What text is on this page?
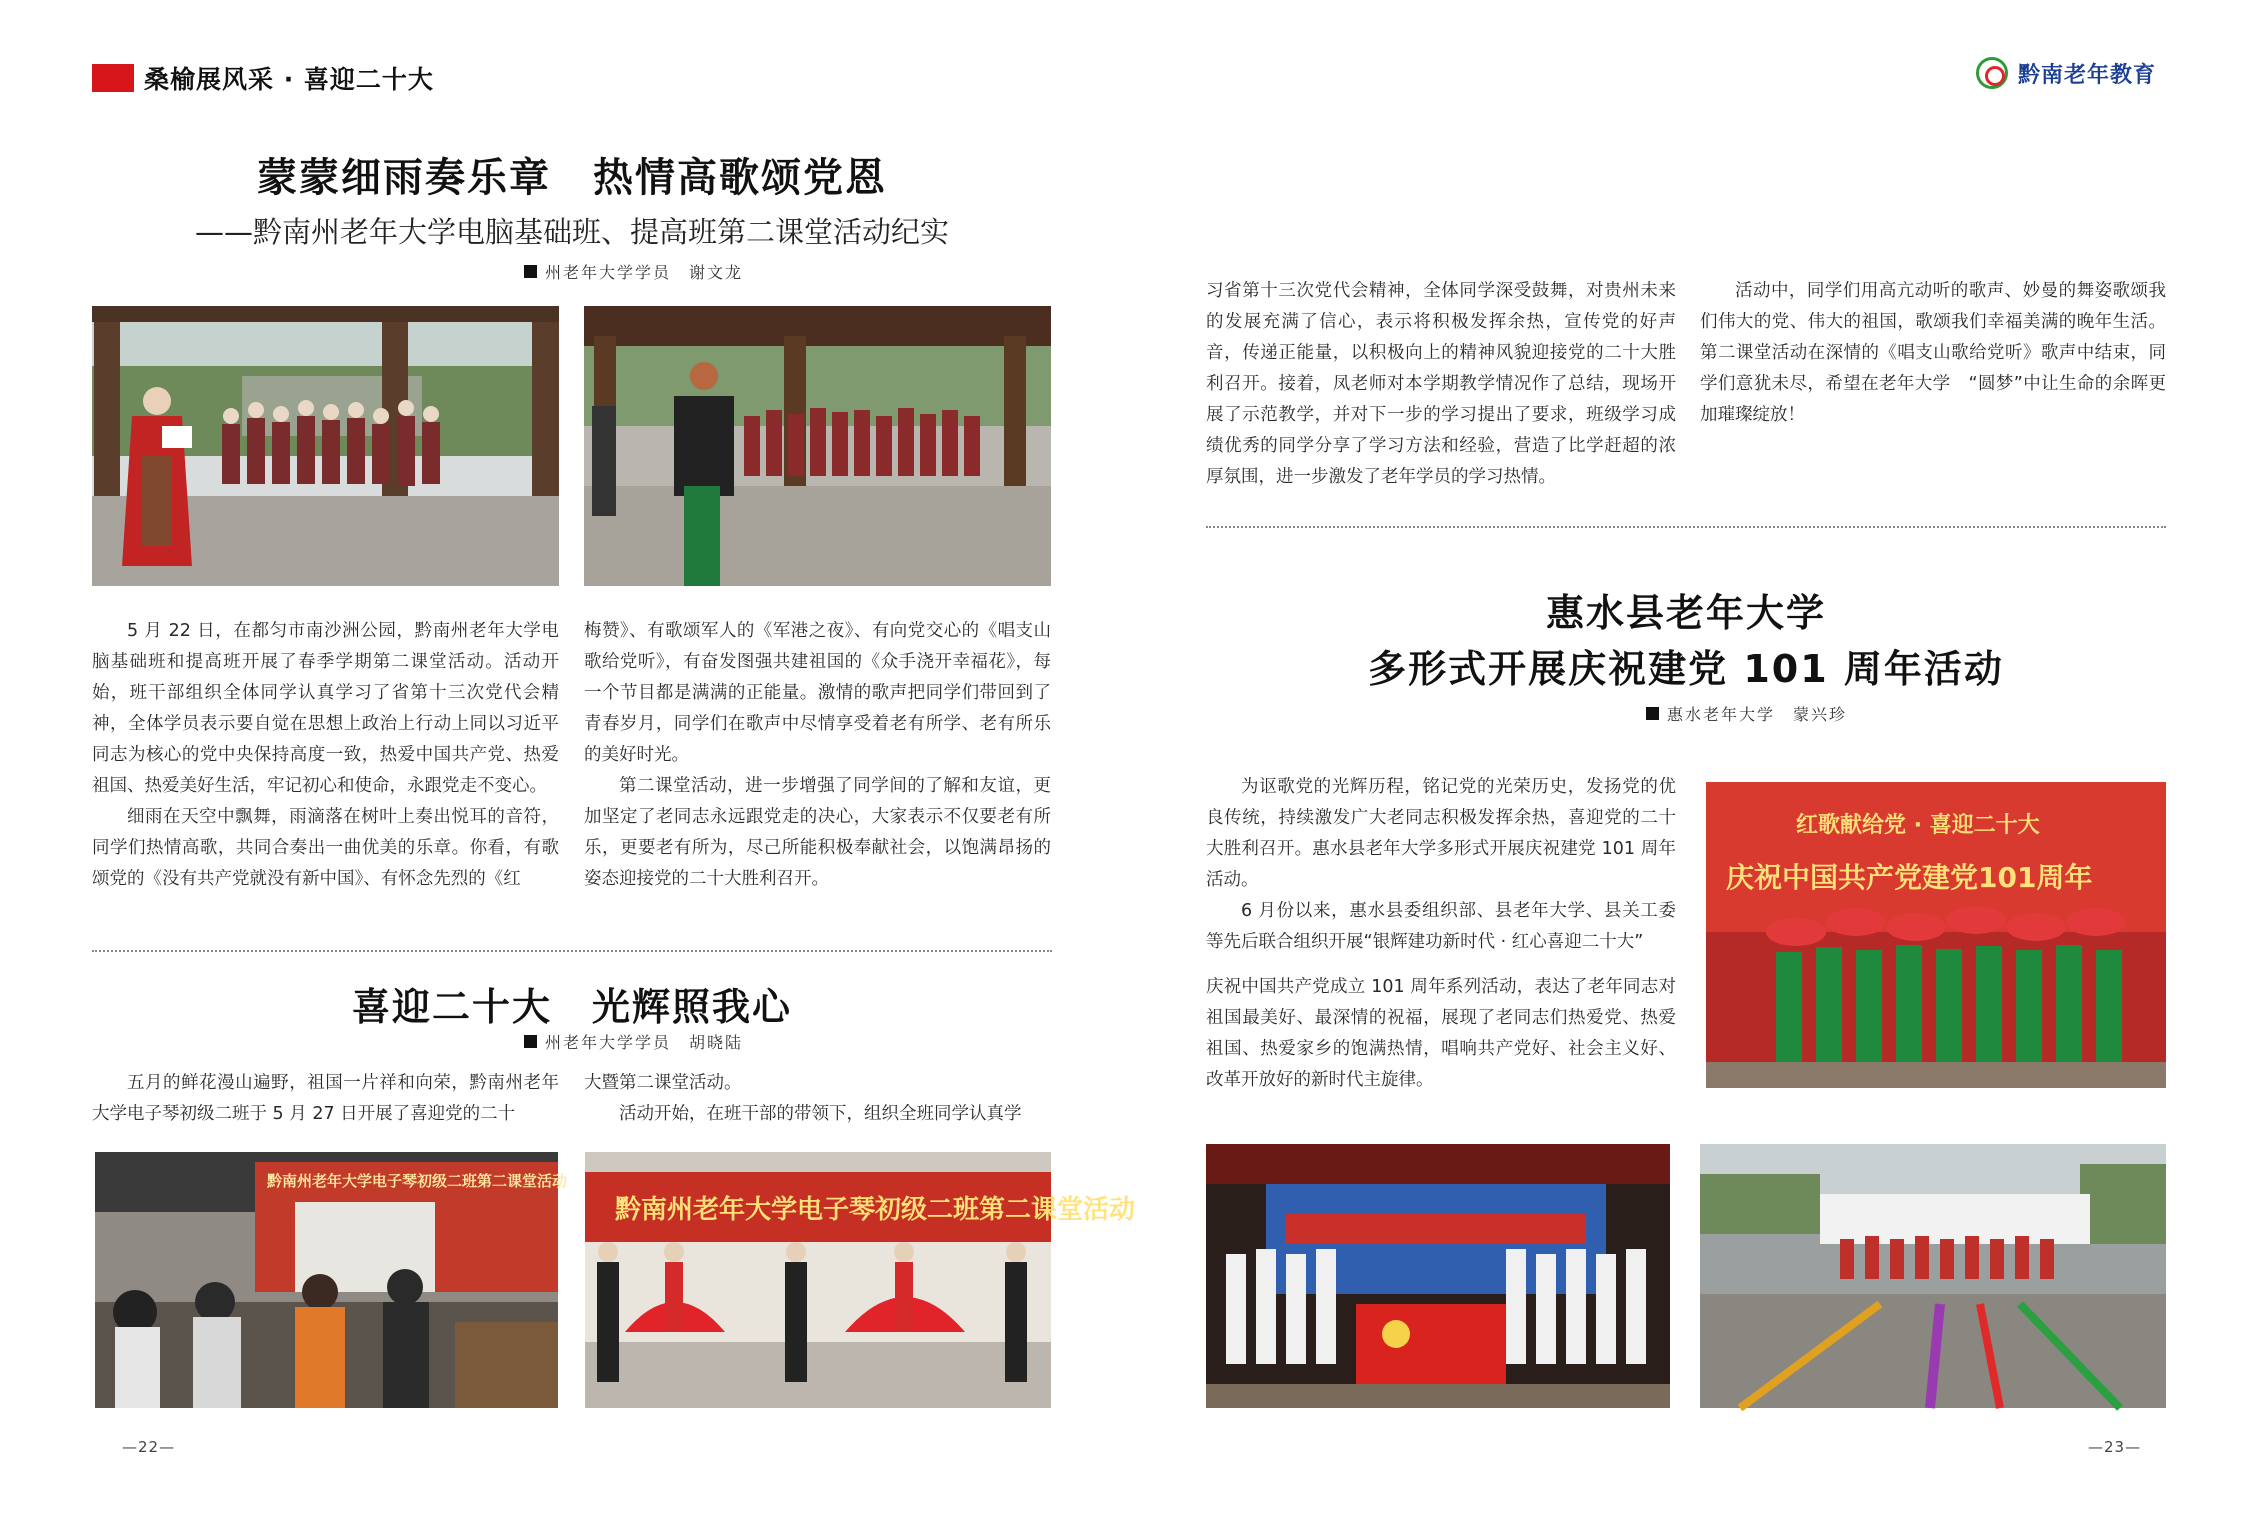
桑榆展风采 · 喜迎二十大	黔南老年教育
蒙蒙细雨奏乐章　热情高歌颂党恩
——黔南州老年大学电脑基础班、提高班第二课堂活动纪实
州老年大学学员　谢文龙

5 月 22 日，在都匀市南沙洲公园，黔南州老年大学电脑基础班和提高班开展了春季学期第二课堂活动。活动开始，班干部组织全体同学认真学习了省第十三次党代会精神，全体学员表示要自觉在思想上政治上行动上同以习近平同志为核心的党中央保持高度一致，热爱中国共产党、热爱祖国、热爱美好生活，牢记初心和使命，永跟党走不变心。

细雨在天空中飘舞，雨滴落在树叶上奏出悦耳的音符，同学们热情高歌，共同合奏出一曲优美的乐章。你看，有歌颂党的《没有共产党就没有新中国》、有怀念先烈的《红

梅赞》、有歌颂军人的《军港之夜》、有向党交心的《唱支山歌给党听》，有奋发图强共建祖国的《众手浇开幸福花》，每一个节目都是满满的正能量。激情的歌声把同学们带回到了青春岁月，同学们在歌声中尽情享受着老有所学、老有所乐的美好时光。

第二课堂活动，进一步增强了同学间的了解和友谊，更加坚定了老同志永远跟党走的决心，大家表示不仅要老有所乐，更要老有所为，尽己所能积极奉献社会，以饱满昂扬的姿态迎接党的二十大胜利召开。

喜迎二十大　光辉照我心
州老年大学学员　胡晓陆

五月的鲜花漫山遍野，祖国一片祥和向荣，黔南州老年大学电子琴初级二班于 5 月 27 日开展了喜迎党的二十

大暨第二课堂活动。

活动开始，在班干部的带领下，组织全班同学认真学

黔南州老年大学电子琴初级二班第二课堂活动
黔南州老年大学电子琴初级二班第二课堂活动

习省第十三次党代会精神，全体同学深受鼓舞，对贵州未来的发展充满了信心，表示将积极发挥余热，宣传党的好声音，传递正能量，以积极向上的精神风貌迎接党的二十大胜利召开。接着，凤老师对本学期教学情况作了总结，现场开展了示范教学，并对下一步的学习提出了要求，班级学习成绩优秀的同学分享了学习方法和经验，营造了比学赶超的浓厚氛围，进一步激发了老年学员的学习热情。

活动中，同学们用高亢动听的歌声、妙曼的舞姿歌颂我们伟大的党、伟大的祖国，歌颂我们幸福美满的晚年生活。第二课堂活动在深情的《唱支山歌给党听》歌声中结束，同学们意犹未尽，希望在老年大学　“圆梦”中让生命的余晖更加璀璨绽放！

惠水县老年大学
多形式开展庆祝建党 101 周年活动
惠水老年大学　蒙兴珍

为讴歌党的光辉历程，铭记党的光荣历史，发扬党的优良传统，持续激发广大老同志积极发挥余热，喜迎党的二十大胜利召开。惠水县老年大学多形式开展庆祝建党 101 周年活动。

6 月份以来，惠水县委组织部、县老年大学、县关工委等先后联合组织开展“银辉建功新时代 · 红心喜迎二十大”

庆祝中国共产党成立 101 周年系列活动，表达了老年同志对祖国最美好、最深情的祝福，展现了老同志们热爱党、热爱祖国、热爱家乡的饱满热情，唱响共产党好、社会主义好、改革开放好的新时代主旋律。

红歌献给党 · 喜迎二十大
庆祝中国共产党建党101周年
—22—	—23—
